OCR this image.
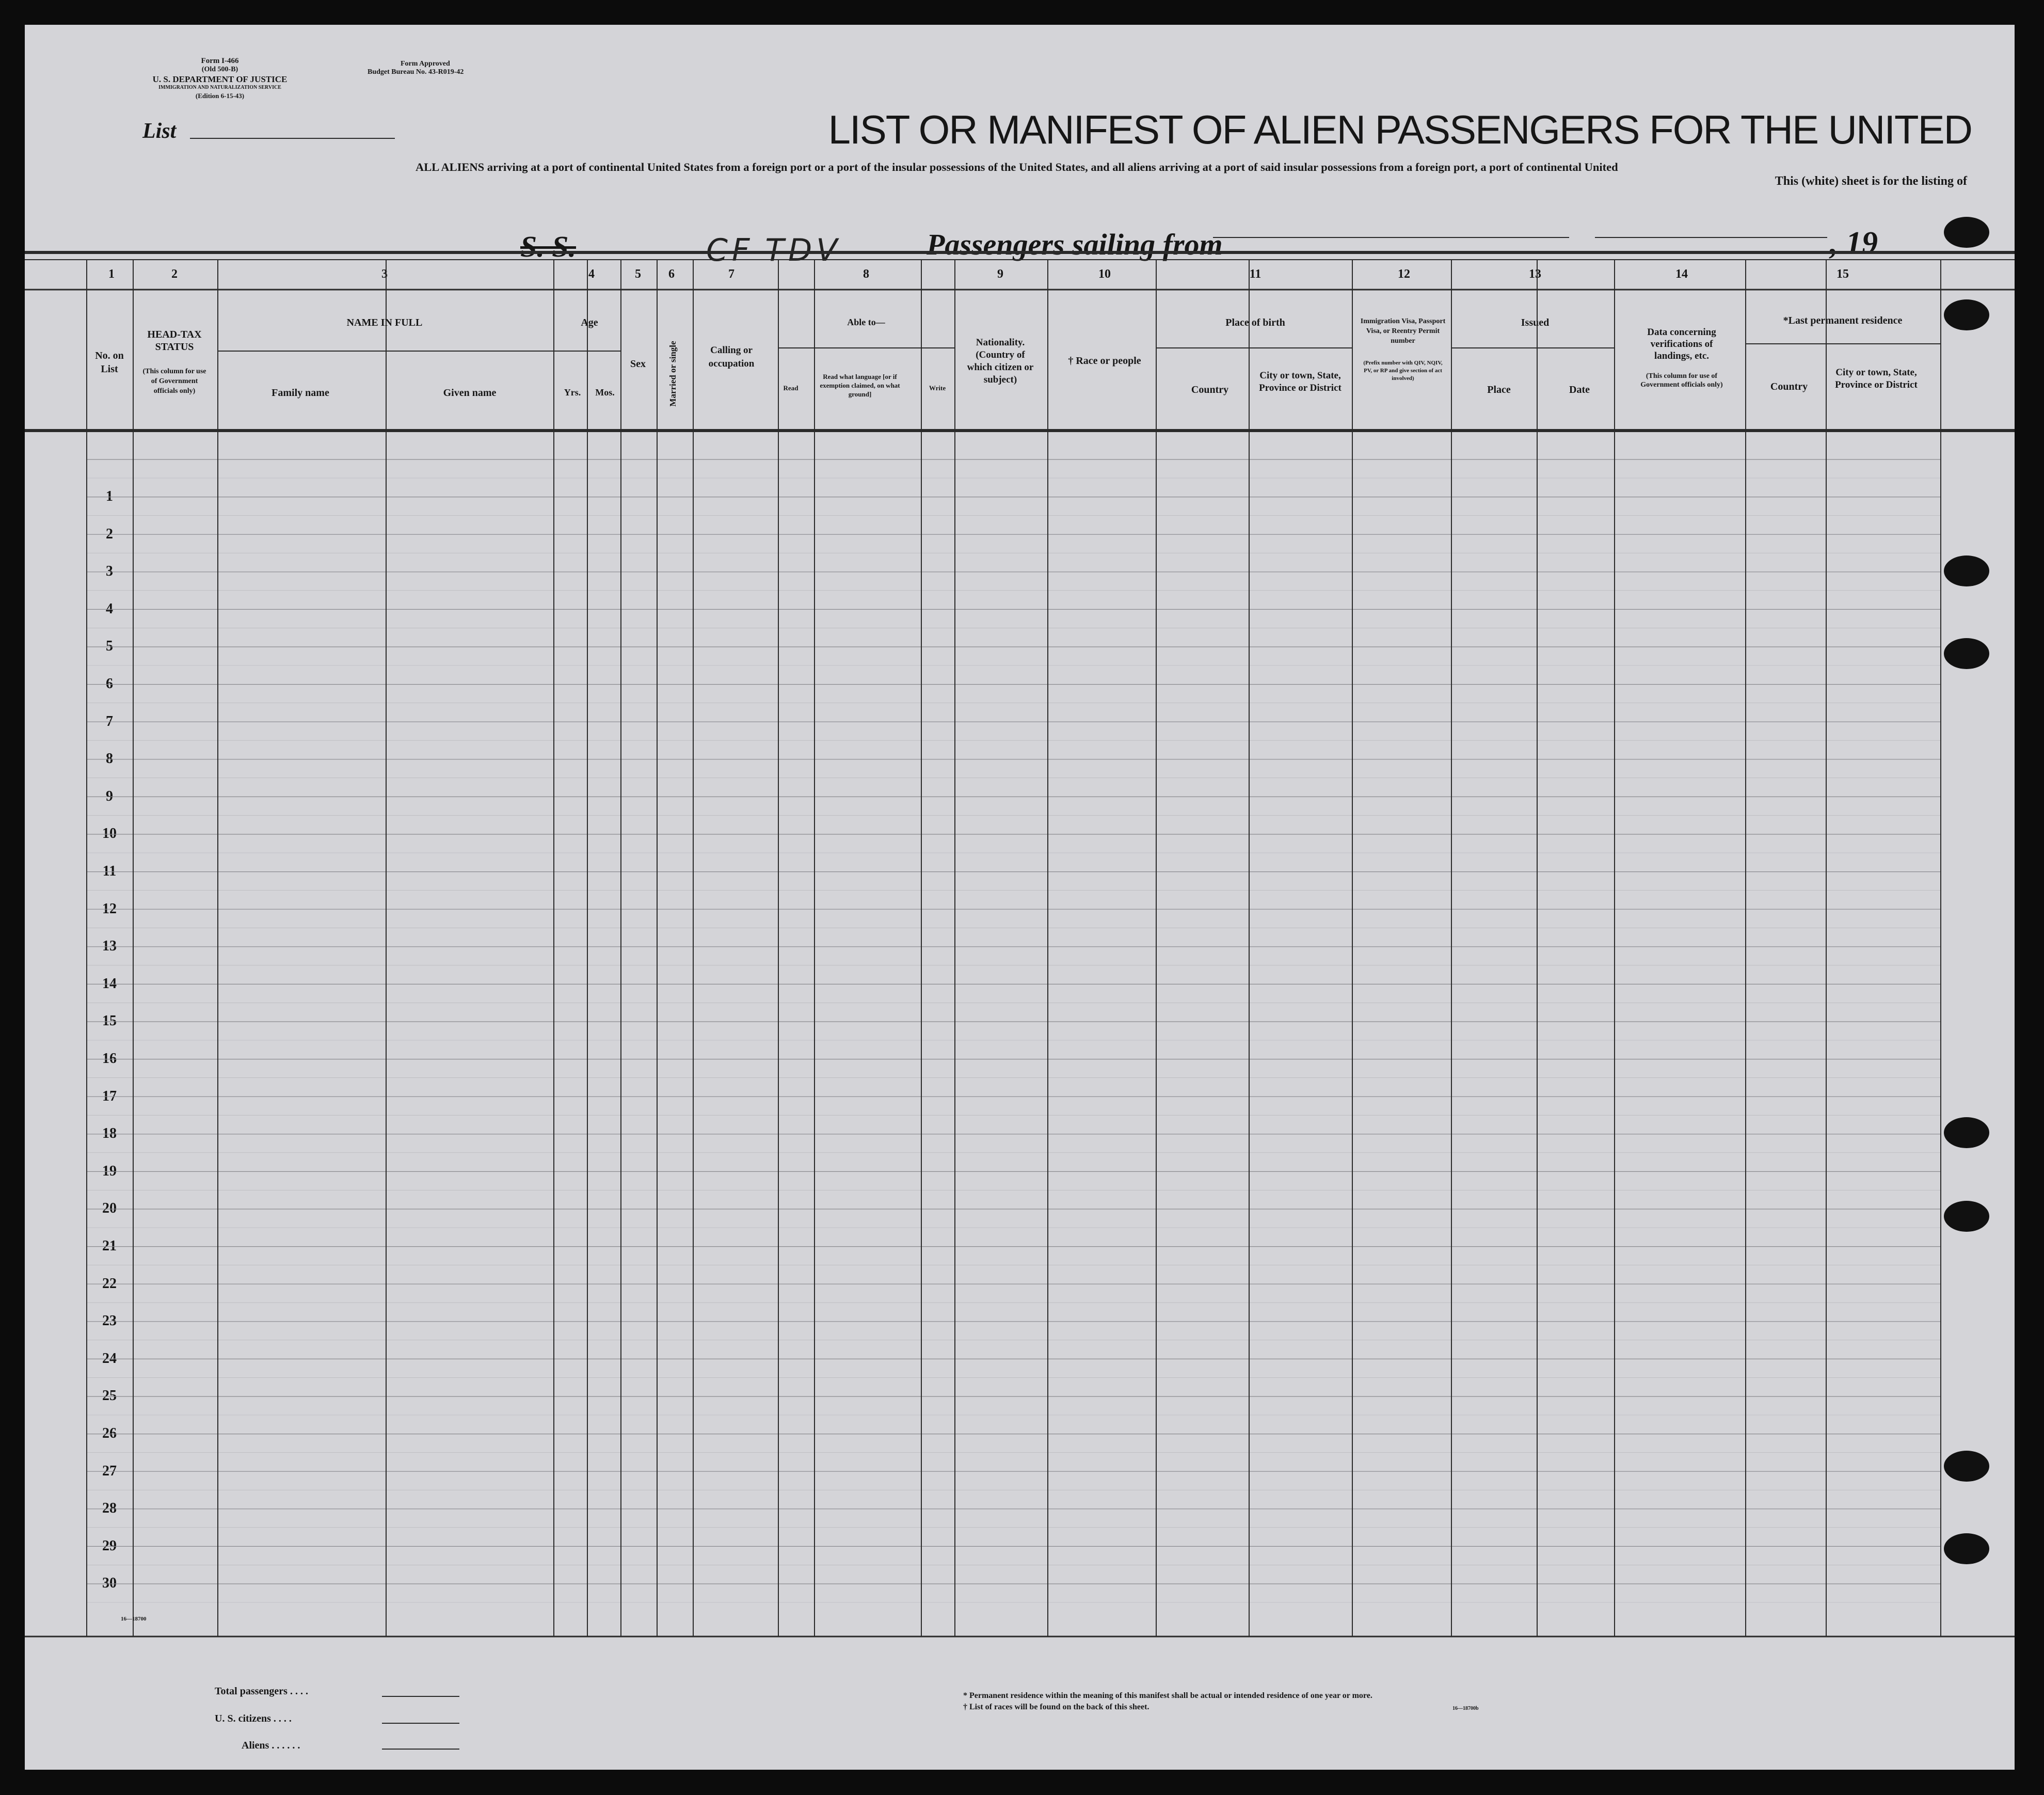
Form I-466
(Old 500-B)
U. S. DEPARTMENT OF JUSTICE
IMMIGRATION AND NATURALIZATION SERVICE
(Edition 6-15-43)
Form Approved
Budget Bureau No. 43-R019-42
List	LIST OR MANIFEST OF ALIEN PASSENGERS FOR THE UNITED
ALL ALIENS arriving at a port of continental United States from a foreign port or a port of the insular possessions of the United States, and all aliens arriving at a port of said insular possessions from a foreign port, a port of continental United
This (white) sheet is for the listing of
S. S.	CF-TDV	Passengers sailing from	, 19
1	2	3	4	5 6	7	8	9	10	11	12	13	14	15
No. on List
HEAD-TAX STATUS
(This column for use of Government officials only)
NAME IN FULL
Family name	Given name
Age
Yrs. Mos.
Sex	Married or single	Calling or occupation
Able to—
Read
Read what language [or if exemption claimed, on what ground]
Write
Nationality. (Country of which citizen or subject)
† Race or people
Place of birth
Country
City or town, State, Province or District
Immigration Visa, Passport Visa, or Reentry Permit number
(Prefix number with QIV, NQIV, PV, or RP and give section of act involved)
Issued
Place	Date
Data concerning verifications of landings, etc.
(This column for use of Government officials only)
*Last permanent residence
Country
City or town, State, Province or District
1
2
3
4
5
6
7
8
9
10
11
12
13
14
15
16
17
18
19
20
21
22
23
24
25
26
27
28
29
30
16—18700
Total passengers . . . .
U. S. citizens . . . .
Aliens . . . . . .
* Permanent residence within the meaning of this manifest shall be actual or intended residence of one year or more.
† List of races will be found on the back of this sheet.	16—18700b
